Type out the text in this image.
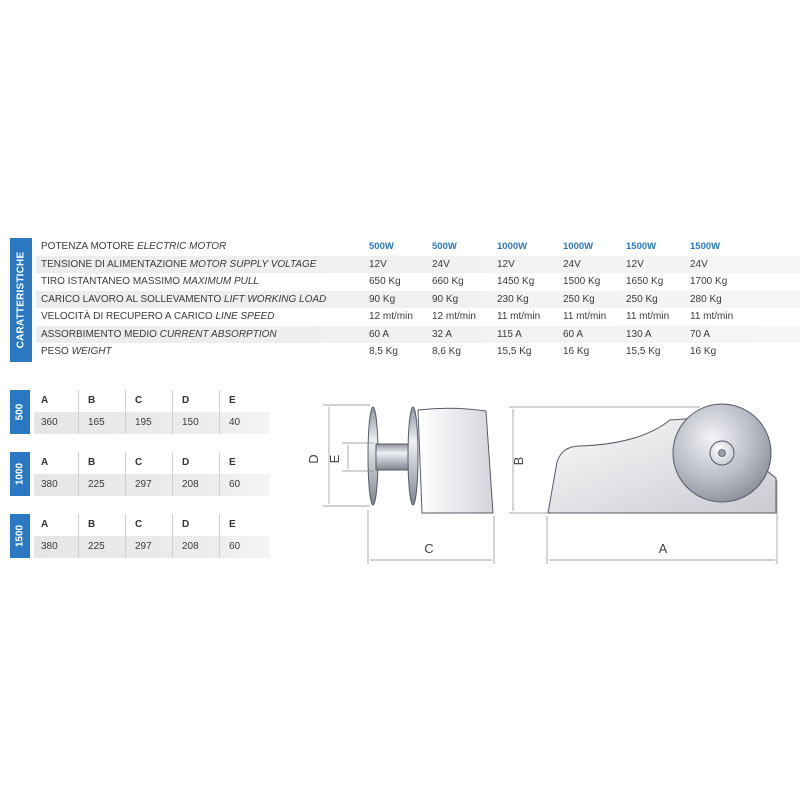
CARATTERISTICHE
POTENZA MOTORE ELECTRIC MOTOR	500W	500W	1000W	1000W	1500W	1500W
TENSIONE DI ALIMENTAZIONE MOTOR SUPPLY VOLTAGE	12V	24V	12V	24V	12V	24V
TIRO ISTANTANEO MASSIMO MAXIMUM PULL	650 Kg	660 Kg	1450 Kg	1500 Kg	1650 Kg	1700 Kg
CARICO LAVORO AL SOLLEVAMENTO LIFT WORKING LOAD	90 Kg	90 Kg	230 Kg	250 Kg	250 Kg	280 Kg
VELOCITÀ DI RECUPERO A CARICO LINE SPEED	12 mt/min 12 mt/min 11 mt/min 11 mt/min 11 mt/min 11 mt/min
ASSORBIMENTO MEDIO CURRENT ABSORPTION	60 A	32 A	115 A	60 A	130 A	70 A
PESO WEIGHT	8,5 Kg	8,6 Kg	15,5 Kg	16 Kg	15,5 Kg	16 Kg
500
A	B	C	D	E
360	165	195	150	40
1000
A	B	C	D	E
380	225	297	208	60
1500
A	B	C	D	E
380	225	297	208	60
D E
C
B
A
